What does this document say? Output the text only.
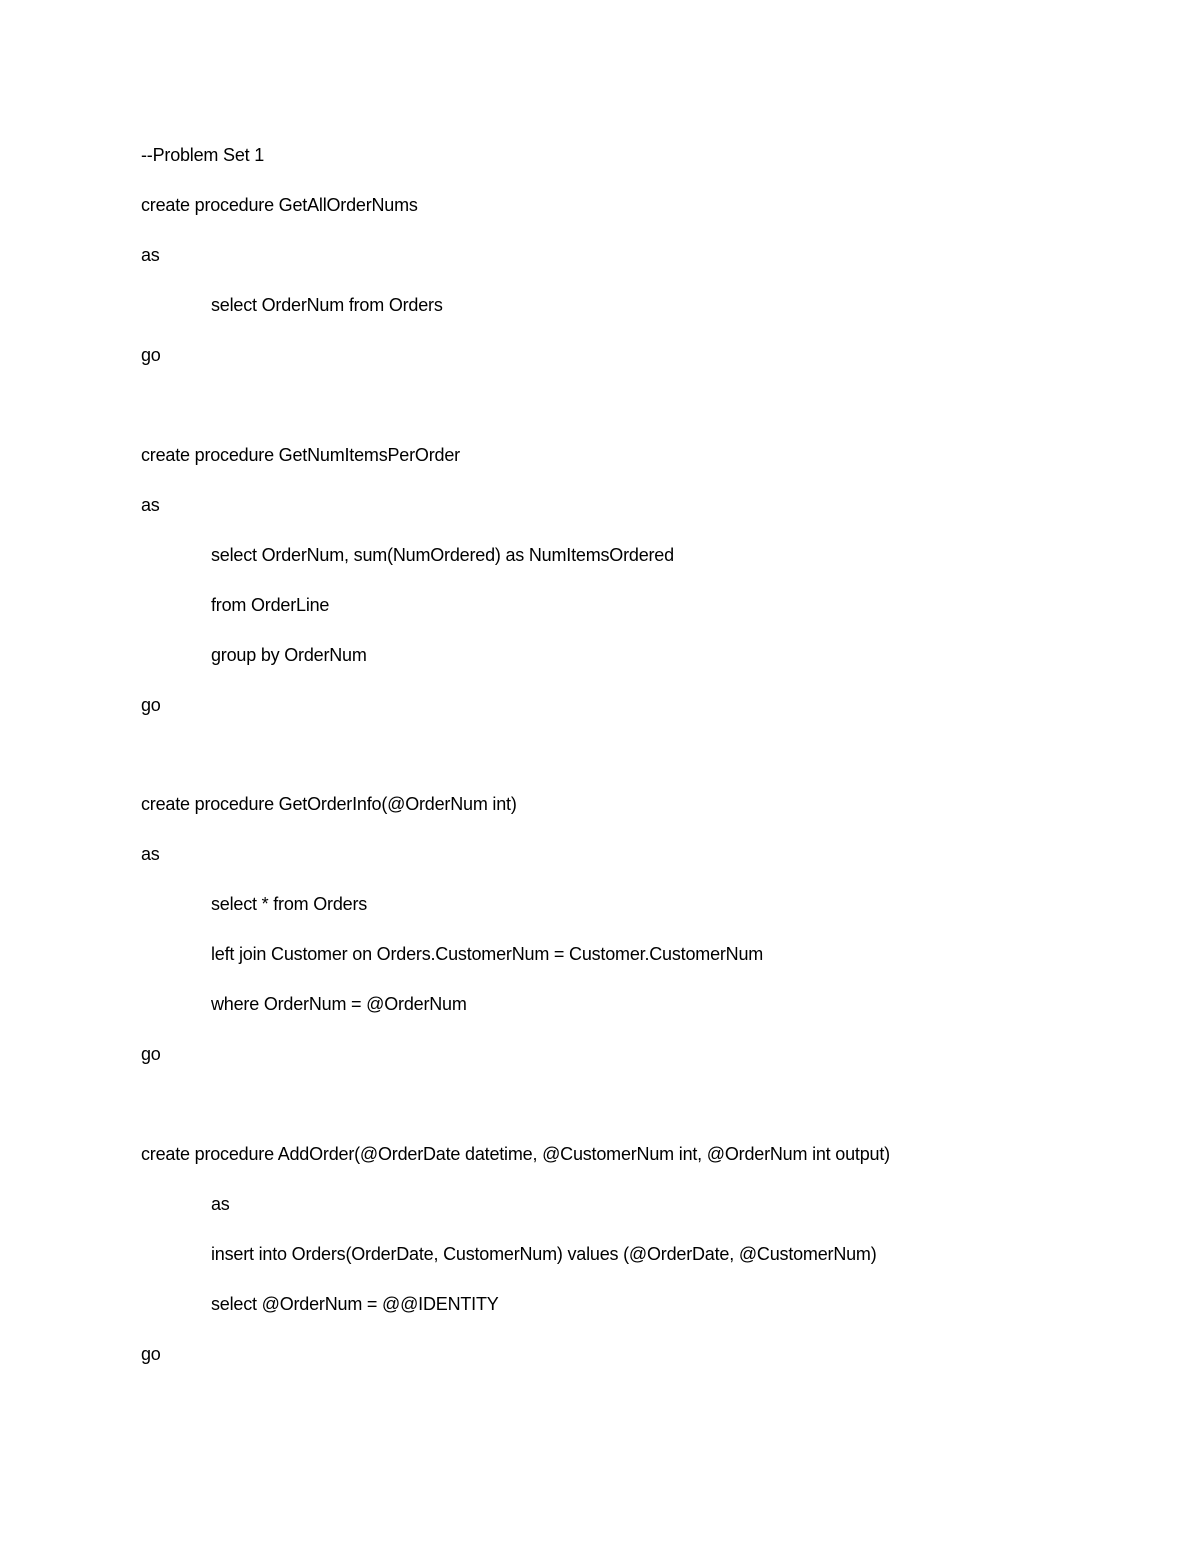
--Problem Set 1
create procedure GetAllOrderNums
as
select OrderNum from Orders
go
create procedure GetNumItemsPerOrder
as
select OrderNum, sum(NumOrdered) as NumItemsOrdered
from OrderLine
group by OrderNum
go
create procedure GetOrderInfo(@OrderNum int)
as
select * from Orders
left join Customer on Orders.CustomerNum = Customer.CustomerNum
where OrderNum = @OrderNum
go
create procedure AddOrder(@OrderDate datetime, @CustomerNum int, @OrderNum int output)
as
insert into Orders(OrderDate, CustomerNum) values (@OrderDate, @CustomerNum)
select @OrderNum = @@IDENTITY
go
